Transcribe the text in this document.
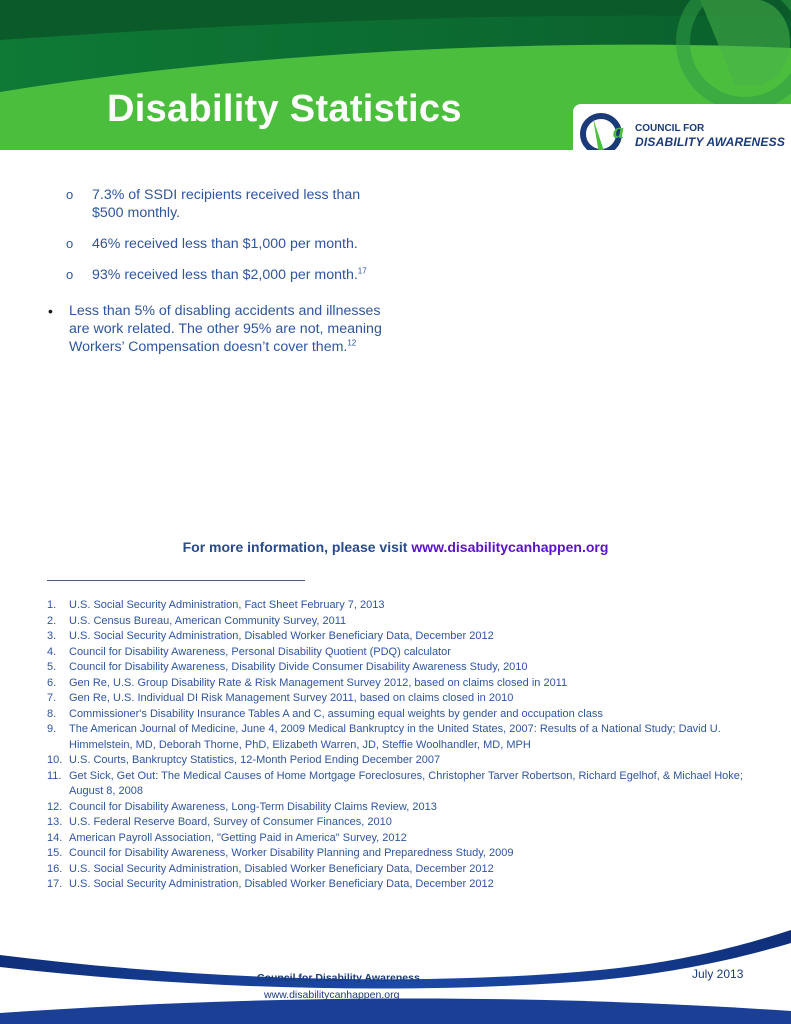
Disability Statistics
a COUNCIL FOR
DISABILITY AWARENESS
o 7.3% of SSDI recipients received less than $500 monthly.
o 46% received less than $1,000 per month.
o 93% received less than $2,000 per month.$^{17}$
• Less than 5% of disabling accidents and illnesses are work related. The other 95% are not, meaning Workers’ Compensation doesn’t cover them.$^{12}$
For more information, please visit www.disabilitycanhappen.org
1. U.S. Social Security Administration, Fact Sheet February 7, 2013
2. U.S. Census Bureau, American Community Survey, 2011
3. U.S. Social Security Administration, Disabled Worker Beneficiary Data, December 2012
4. Council for Disability Awareness, Personal Disability Quotient (PDQ) calculator
5. Council for Disability Awareness, Disability Divide Consumer Disability Awareness Study, 2010
6. Gen Re, U.S. Group Disability Rate & Risk Management Survey 2012, based on claims closed in 2011
7. Gen Re, U.S. Individual DI Risk Management Survey 2011, based on claims closed in 2010
8. Commissioner's Disability Insurance Tables A and C, assuming equal weights by gender and occupation class
9. The American Journal of Medicine, June 4, 2009 Medical Bankruptcy in the United States, 2007: Results of a National Study; David U. Himmelstein, MD, Deborah Thorne, PhD, Elizabeth Warren, JD, Steffie Woolhandler, MD, MPH
10. U.S. Courts, Bankruptcy Statistics, 12-Month Period Ending December 2007
11. Get Sick, Get Out: The Medical Causes of Home Mortgage Foreclosures, Christopher Tarver Robertson, Richard Egelhof, & Michael Hoke; August 8, 2008
12. Council for Disability Awareness, Long-Term Disability Claims Review, 2013
13. U.S. Federal Reserve Board, Survey of Consumer Finances, 2010
14. American Payroll Association, "Getting Paid in America" Survey, 2012
15. Council for Disability Awareness, Worker Disability Planning and Preparedness Study, 2009
16. U.S. Social Security Administration, Disabled Worker Beneficiary Data, December 2012
17. U.S. Social Security Administration, Disabled Worker Beneficiary Data, December 2012
Council for Disability Awareness
www.disabilitycanhappen.org
July 2013
